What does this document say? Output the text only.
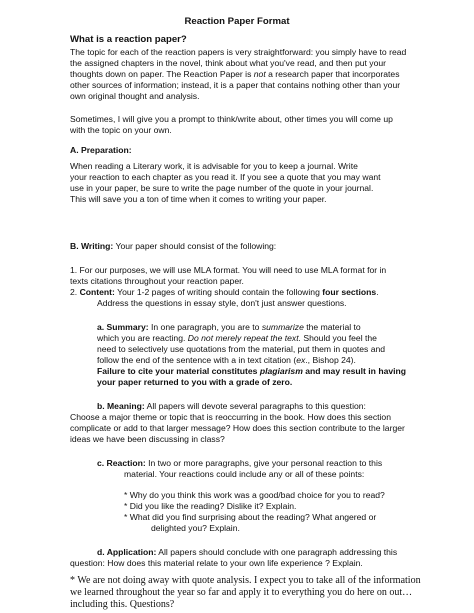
Reaction Paper Format
What is a reaction paper?
The topic for each of the reaction papers is very straightforward: you simply have to read
the assigned chapters in the novel, think about what you've read, and then put your
thoughts down on paper. The Reaction Paper is not a research paper that incorporates
other sources of information; instead, it is a paper that contains nothing other than your
own original thought and analysis.
Sometimes, I will give you a prompt to think/write about, other times you will come up
with the topic on your own.
A. Preparation:
When reading a Literary work, it is advisable for you to keep a journal. Write
your reaction to each chapter as you read it. If you see a quote that you may want
use in your paper, be sure to write the page number of the quote in your journal.
This will save you a ton of time when it comes to writing your paper.
B. Writing: Your paper should consist of the following:
1. For our purposes, we will use MLA format. You will need to use MLA format for in
texts citations throughout your reaction paper.
2. Content: Your 1-2 pages of writing should contain the following four sections.
Address the questions in essay style, don't just answer questions.
a. Summary: In one paragraph, you are to summarize the material to
which you are reacting. Do not merely repeat the text. Should you feel the
need to selectively use quotations from the material, put them in quotes and
follow the end of the sentence with a in text citation (ex., Bishop 24).
Failure to cite your material constitutes plagiarism and may result in having
your paper returned to you with a grade of zero.
b. Meaning: All papers will devote several paragraphs to this question:
Choose a major theme or topic that is reoccurring in the book. How does this section
complicate or add to that larger message? How does this section contribute to the larger
ideas we have been discussing in class?
c. Reaction: In two or more paragraphs, give your personal reaction to this
material. Your reactions could include any or all of these points:
* Why do you think this work was a good/bad choice for you to read?
* Did you like the reading? Dislike it? Explain.
* What did you find surprising about the reading? What angered or
delighted you? Explain.
d. Application: All papers should conclude with one paragraph addressing this
question: How does this material relate to your own life experience ? Explain.
* We are not doing away with quote analysis. I expect you to take all of the information
we learned throughout the year so far and apply it to everything you do here on out…
including this. Questions?
